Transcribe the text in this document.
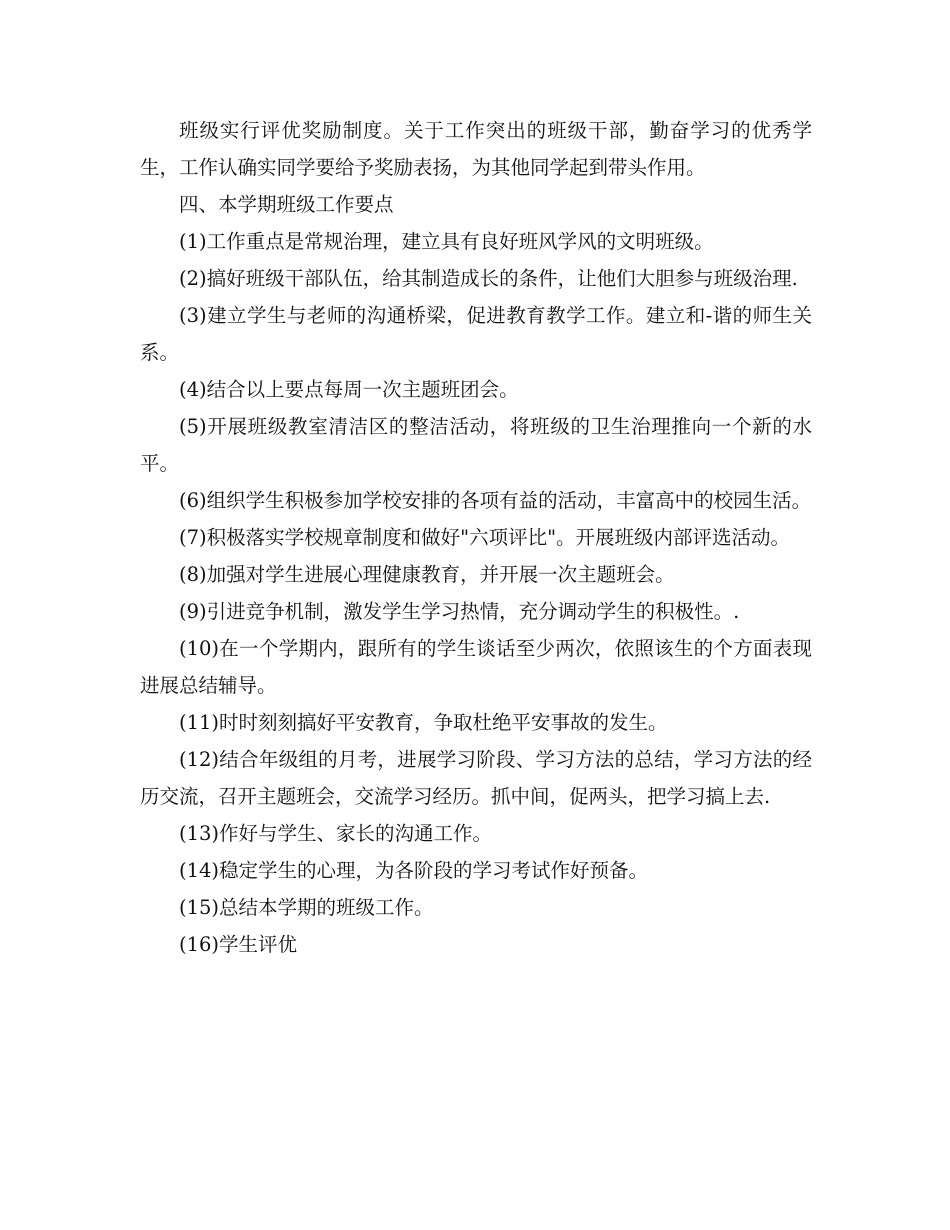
班级实行评优奖励制度。关于工作突出的班级干部，勤奋学习的优秀学生，工作认确实同学要给予奖励表扬，为其他同学起到带头作用。

四、本学期班级工作要点

(1)工作重点是常规治理，建立具有良好班风学风的文明班级。

(2)搞好班级干部队伍，给其制造成长的条件，让他们大胆参与班级治理.

(3)建立学生与老师的沟通桥梁，促进教育教学工作。建立和-谐的师生关系。

(4)结合以上要点每周一次主题班团会。

(5)开展班级教室清洁区的整洁活动，将班级的卫生治理推向一个新的水平。

(6)组织学生积极参加学校安排的各项有益的活动，丰富高中的校园生活。

(7)积极落实学校规章制度和做好"六项评比"。开展班级内部评选活动。

(8)加强对学生进展心理健康教育，并开展一次主题班会。

(9)引进竞争机制，激发学生学习热情，充分调动学生的积极性。.

(10)在一个学期内，跟所有的学生谈话至少两次，依照该生的个方面表现进展总结辅导。

(11)时时刻刻搞好平安教育，争取杜绝平安事故的发生。

(12)结合年级组的月考，进展学习阶段、学习方法的总结，学习方法的经历交流，召开主题班会，交流学习经历。抓中间，促两头，把学习搞上去.

(13)作好与学生、家长的沟通工作。

(14)稳定学生的心理，为各阶段的学习考试作好预备。

(15)总结本学期的班级工作。

(16)学生评优
